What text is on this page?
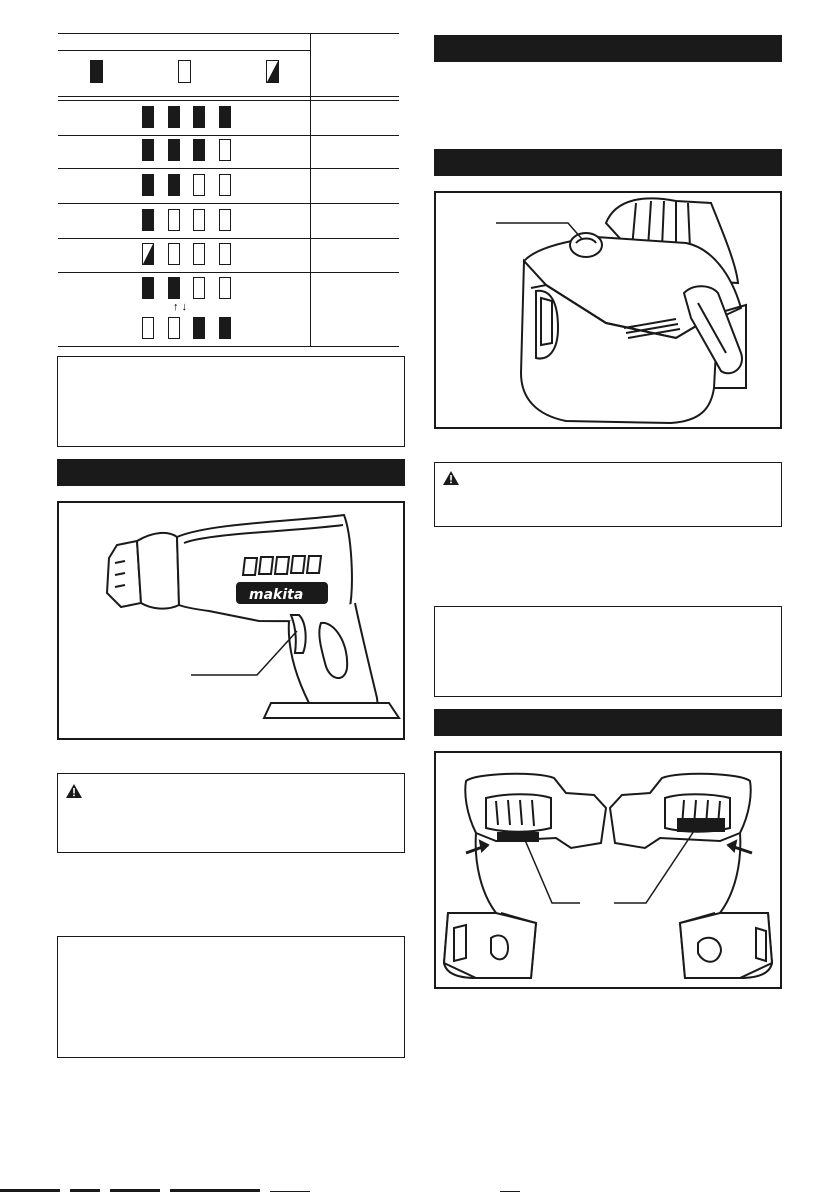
↑ ↓
makita
